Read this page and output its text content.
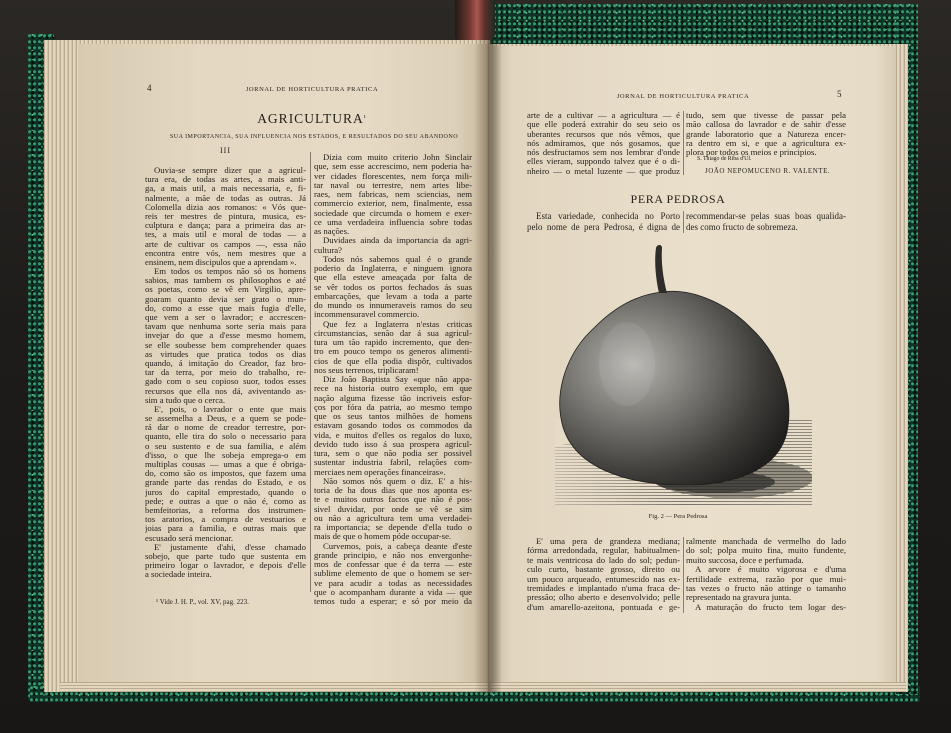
4	JORNAL DE HORTICULTURA PRATICA
$AGRICULTURA^{^1}$
SUA IMPORTANCIA, SUA INFLUENCIA NOS ESTADOS, E RESULTADOS DO SEU ABANDONO
III
Ouvia-se sempre dizer que a agricul-
tura era, de todas as artes, a mais anti-
ga, a mais util, a mais necessaria, e, fi-
nalmente, a mãe de todas as outras. Já
Colomella dizia aos romanos: « Vós que-
reis ter mestres de pintura, musica, es-
culptura e dança; para a primeira das ar-
tes, a mais util e moral de todas — a
arte de cultivar os campos —, essa não
encontra entre vós, nem mestres que a
ensinem, nem discipulos que a aprendam ».
Em todos os tempos não só os homens
sabios, mas tambem os philosophos e até
os poetas, como se vê em Virgilio, apre-
goaram quanto devia ser grato o mun-
do, como a esse que mais fugia d'elle,
que vem a ser o lavrador; e accrescen-
tavam que nenhuma sorte seria mais para
invejar do que a d'esse mesmo homem,
se elle soubesse bem comprehender quaes
as virtudes que pratica todos os dias
quando, á imitação do Creador, faz bro-
tar da terra, por meio do trabalho, re-
gado com o seu copioso suor, todos esses
recursos que ella nos dá, aviventando as-
sim a tudo que o cerca.
E', pois, o lavrador o ente que mais
se assemelha a Deus, e a quem se pode-
rá dar o nome de creador terrestre, por-
quanto, elle tira do solo o necessario para
o seu sustento e de sua familia, e além
d'isso, o que lhe sobeja emprega-o em
multiplas cousas — umas a que é obriga-
do, como são os impostos, que fazem uma
grande parte das rendas do Estado, e os
juros do capital emprestado, quando o
pede; e outras a que o não é, como as
bemfeitorias, a reforma dos instrumen-
tos aratorios, a compra de vestuarios e
joias para a familia, e outras mais que
escusado será mencionar.
E' justamente d'ahi, d'esse chamado
sobejo, que parte tudo que sustenta em
primeiro logar o lavrador, e depois d'elle
a sociedade inteira.
Dizia com muito criterio John Sinclair
que, sem esse accrescimo, nem poderia ha-
ver cidades florescentes, nem força mili-
tar naval ou terrestre, nem artes libe-
raes, nem fabricas, nem sciencias, nem
commercio exterior, nem, finalmente, essa
sociedade que circumda o homem e exer-
ce uma verdadeira influencia sobre todas
as nações.
Duvidaes ainda da importancia da agri-
cultura?
Todos nós sabemos qual é o grande
poderio da Inglaterra, e ninguem ignora
que ella esteve ameaçada por falta de
se vêr todos os portos fechados ás suas
embarcações, que levam a toda a parte
do mundo os innumeraveis ramos do seu
incommensuravel commercio.
Que fez a Inglaterra n'estas criticas
circumstancias, senão dar á sua agricul-
tura um tão rapido incremento, que den-
tro em pouco tempo os generos alimenti-
cios de que ella podia dispôr, cultivados
nos seus terrenos, triplicaram!
Diz João Baptista Say «que não appa-
rece na historia outro exemplo, em que
nação alguma fizesse tão incriveis esfor-
ços por fóra da patria, ao mesmo tempo
que os seus tantos milhões de homens
estavam gosando todos os commodos da
vida, e muitos d'elles os regalos do luxo,
devido tudo isso á sua prospera agricul-
tura, sem o que não podia ser possivel
sustentar industria fabril, relações com-
merciaes nem operações financeiras».
Não somos nós quem o diz. E' a his-
toria de ha dous dias que nos aponta es-
te e muitos outros factos que não é pos-
sivel duvidar, por onde se vê se sim
ou não a agricultura tem uma verdadei-
ra importancia; se depende d'ella tudo o
mais de que o homem póde occupar-se.
Curvemos, pois, a cabeça deante d'este
grande principio, e não nos envergonhe-
mos de confessar que é da terra — este
sublime elemento de que o homem se ser-
ve para acudir a todas as necessidades
que o acompanham durante a vida — que
temos tudo a esperar; e só por meio da
¹ Vide J. H. P., vol. XV, pag. 223.
JORNAL DE HORTICULTURA PRATICA	5
arte de a cultivar — a agricultura — é
que elle poderá extrahir do seu seio os
uberantes recursos que nós vêmos, que
nós admiramos, que nós gosamos, que
nós desfructamos sem nos lembrar d'onde
elles vieram, suppondo talvez que é o di-
nheiro — o metal luzente — que produz
tudo, sem que tivesse de passar pela
mão callosa do lavrador e de sahir d'esse
grande laboratorio que a Natureza encer-
ra dentro em si, e que a agricultura ex-
plora por todos os meios e principios.
S. Thiago de Riba d'Ul.
JOÃO NEPOMUCENO R. VALENTE.
PERA PEDROSA
Esta variedade, conhecida no Porto
pelo nome de pera Pedrosa, é digna de
recommendar-se pelas suas boas qualida-
des como fructo de sobremeza.
Fig. 2 — Pera Pedrosa
E' uma pera de grandeza mediana;
fórma arredondada, regular, habitualmen-
te mais ventricosa do lado do sol; pedun-
culo curto, bastante grosso, direito ou
um pouco arqueado, entumescido nas ex-
tremidades e implantado n'uma fraca de-
pressão; olho aberto e desenvolvido; pelle
d'um amarello-azeitona, pontuada e ge-
ralmente manchada de vermelho do lado
do sol; polpa muito fina, muito fundente,
muito succosa, doce e perfumada.
A arvore é muito vigorosa e d'uma
fertilidade extrema, razão por que mui-
tas vezes o fructo não attinge o tamanho
representado na gravura junta.
A maturação do fructo tem logar des-
